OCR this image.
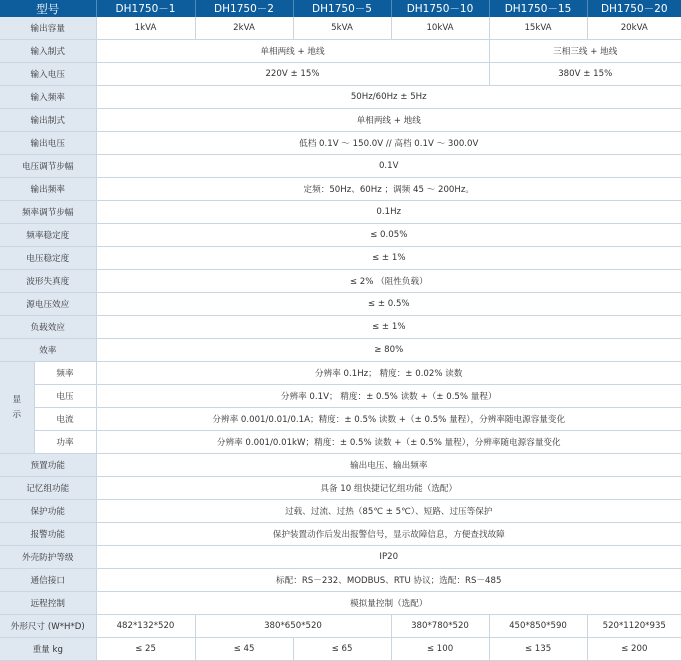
型号		DH1750－1	DH1750－2	DH1750－5	DH1750－10	DH1750－15	DH1750－20
输出容量		1kVA	2kVA	5kVA	10kVA	15kVA	20kVA
输入制式		单相两线 + 地线				三相三线 + 地线	
输入电压		220V ± 15%				380V ± 15%	
输入频率		50Hz/60Hz ± 5Hz					
输出制式		单相两线 + 地线					
输出电压		低档 0.1V ～ 150.0V // 高档 0.1V ～ 300.0V					
电压调节步幅		0.1V					
输出频率		定频：50Hz、60Hz ；调频 45 ～ 200Hz。					
频率调节步幅		0.1Hz					
频率稳定度		≤ 0.05%					
电压稳定度		≤ ± 1%					
波形失真度		≤ 2% （阻性负载）					
源电压效应		≤ ± 0.5%					
负载效应		≤ ± 1%					
效率		≥ 80%					

显
示	频率	分辨率 0.1Hz； 精度：± 0.02% 读数					
	电压	分辨率 0.1V； 精度：± 0.5% 读数 +（± 0.5% 量程）					
	电流	分辨率 0.001/0.01/0.1A；精度：± 0.5% 读数 +（± 0.5% 量程），分辨率随电源容量变化					
	功率	分辨率 0.001/0.01kW；精度：± 0.5% 读数 +（± 0.5% 量程），分辨率随电源容量变化					
预置功能		输出电压、输出频率					
记忆组功能		具备 10 组快捷记忆组功能（选配）					
保护功能		过载、过流、过热（85℃ ± 5℃）、短路、过压等保护					
报警功能		保护装置动作后发出报警信号，显示故障信息，方便查找故障					
外壳防护等级		IP20					
通信接口		标配：RS－232、MODBUS、RTU 协议；选配：RS－485					
远程控制		模拟量控制（选配）					
外形尺寸 (W*H*D)		482*132*520	380*650*520		380*780*520	450*850*590	520*1120*935
重量 kg		≤ 25	≤ 45	≤ 65	≤ 100	≤ 135	≤ 200
